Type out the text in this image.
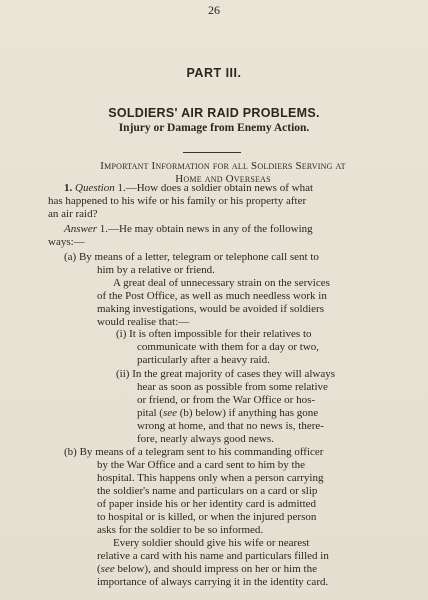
26
PART III.
SOLDIERS' AIR RAID PROBLEMS.
Injury or Damage from Enemy Action.
Important Information for all Soldiers Serving at
Home and Overseas
1. Question 1.—How does a soldier obtain news of what
has happened to his wife or his family or his property after
an air raid?
Answer 1.—He may obtain news in any of the following
ways:—
(a) By means of a letter, telegram or telephone call sent to
him by a relative or friend.
A great deal of unnecessary strain on the services
of the Post Office, as well as much needless work in
making investigations, would be avoided if soldiers
would realise that:—
(i) It is often impossible for their relatives to
communicate with them for a day or two,
particularly after a heavy raid.
(ii) In the great majority of cases they will always
hear as soon as possible from some relative
or friend, or from the War Office or hos-
pital (see (b) below) if anything has gone
wrong at home, and that no news is, there-
fore, nearly always good news.
(b) By means of a telegram sent to his commanding officer
by the War Office and a card sent to him by the
hospital. This happens only when a person carrying
the soldier's name and particulars on a card or slip
of paper inside his or her identity card is admitted
to hospital or is killed, or when the injured person
asks for the soldier to be so informed.
Every soldier should give his wife or nearest
relative a card with his name and particulars filled in
(see below), and should impress on her or him the
importance of always carrying it in the identity card.
